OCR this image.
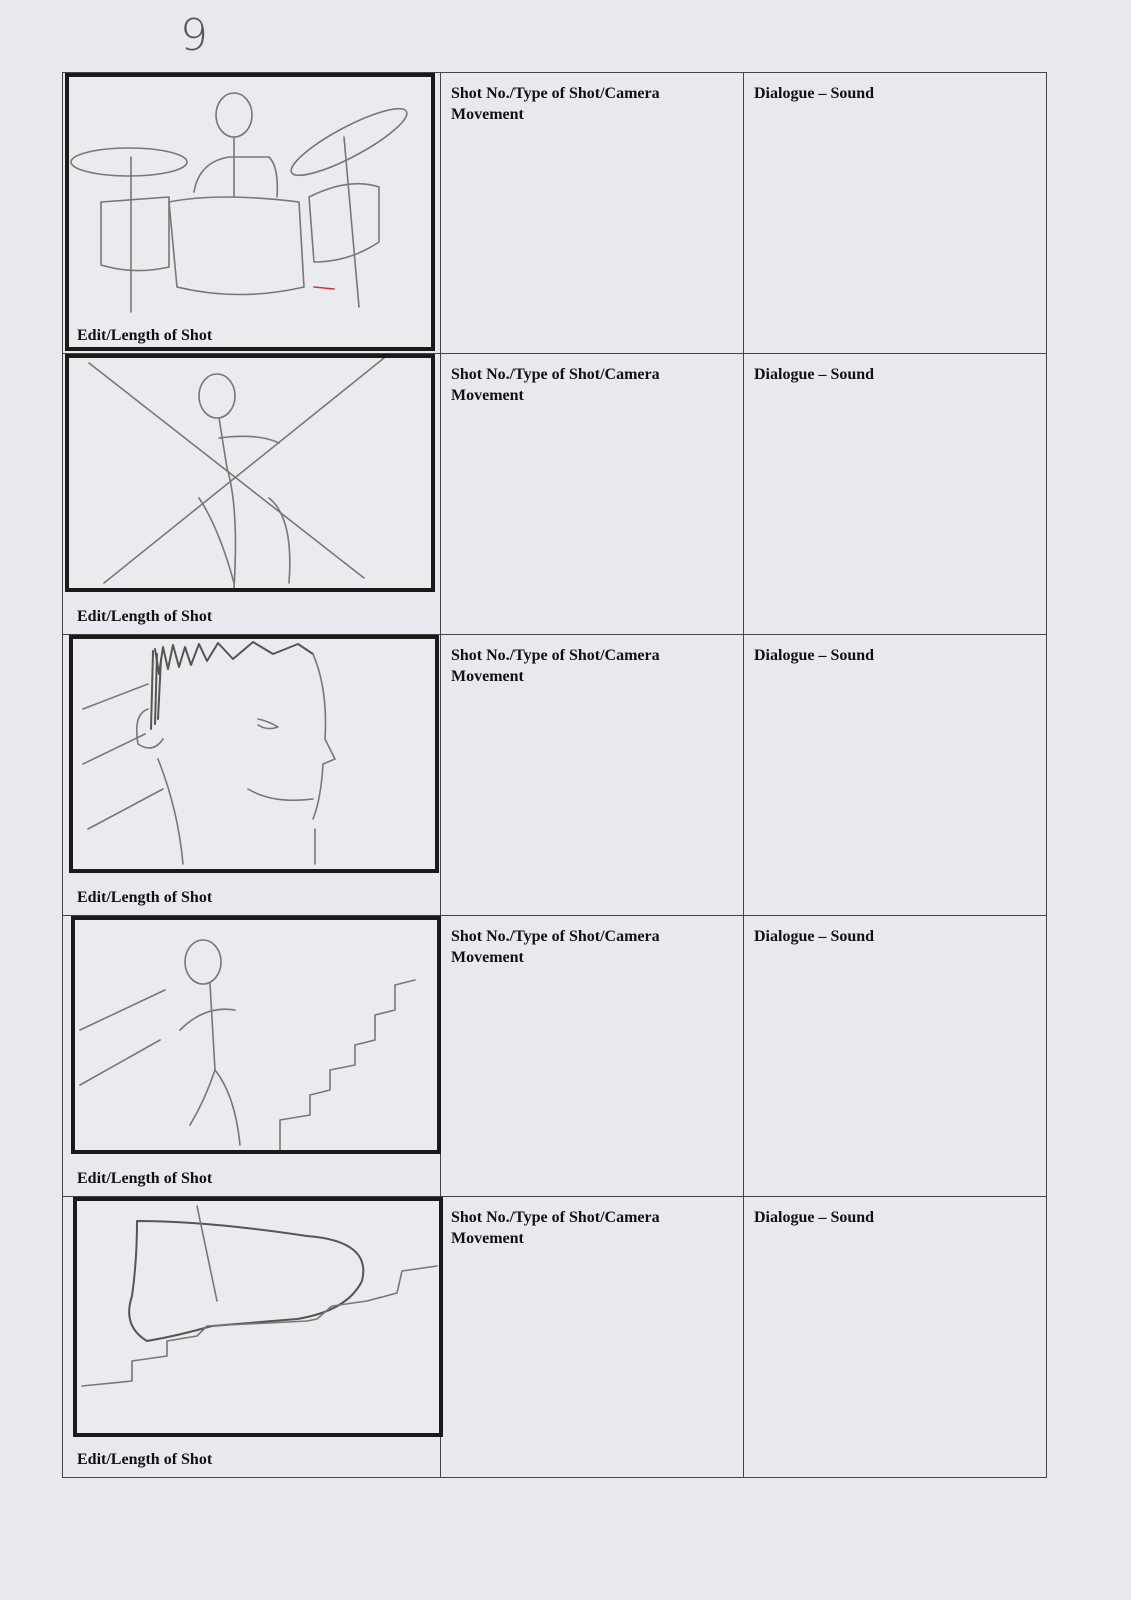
9
Edit/Length of Shot
Shot No./Type of Shot/Camera Movement
Dialogue – Sound
Edit/Length of Shot
Shot No./Type of Shot/Camera Movement
Dialogue – Sound
Edit/Length of Shot
Shot No./Type of Shot/Camera Movement
Dialogue – Sound
Edit/Length of Shot
Shot No./Type of Shot/Camera Movement
Dialogue – Sound
Edit/Length of Shot
Shot No./Type of Shot/Camera Movement
Dialogue – Sound
